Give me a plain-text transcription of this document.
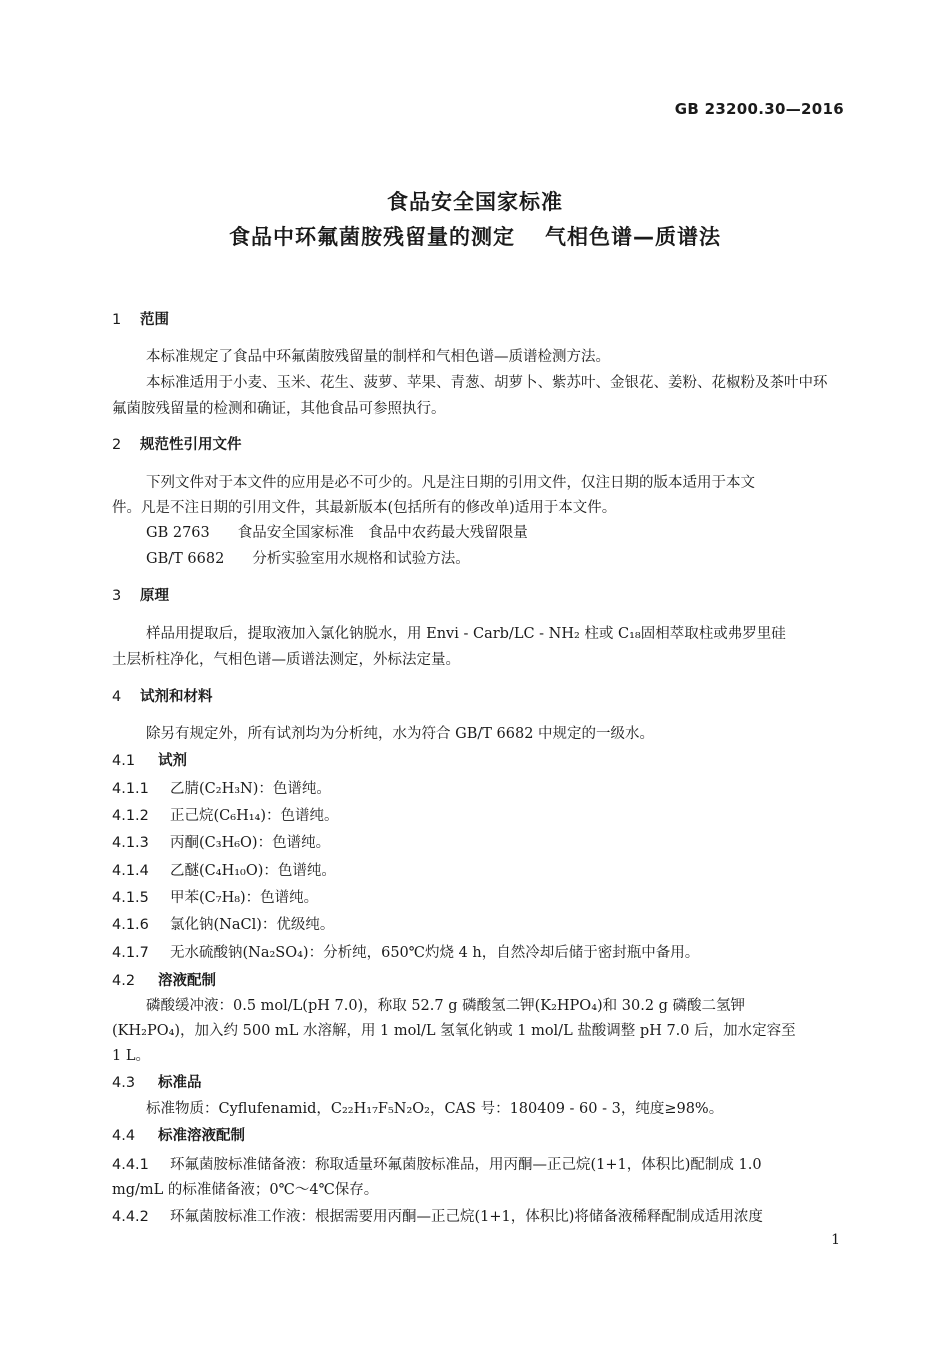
GB 23200.30—2016
食品安全国家标准
食品中环氟菌胺残留量的测定 气相色谱—质谱法
1 范围
本标准规定了食品中环氟菌胺残留量的制样和气相色谱—质谱检测方法。
本标准适用于小麦、玉米、花生、菠萝、苹果、青葱、胡萝卜、紫苏叶、金银花、姜粉、花椒粉及茶叶中环
氟菌胺残留量的检测和确证，其他食品可参照执行。
2 规范性引用文件
下列文件对于本文件的应用是必不可少的。凡是注日期的引用文件，仅注日期的版本适用于本文
件。凡是不注日期的引用文件，其最新版本(包括所有的修改单)适用于本文件。
GB 2763 食品安全国家标准　食品中农药最大残留限量
GB/T 6682 分析实验室用水规格和试验方法。
3 原理
样品用提取后，提取液加入氯化钠脱水，用 Envi - Carb/LC - NH₂ 柱或 C₁₈固相萃取柱或弗罗里硅
土层析柱净化，气相色谱—质谱法测定，外标法定量。
4 试剂和材料
除另有规定外，所有试剂均为分析纯，水为符合 GB/T 6682 中规定的一级水。
4.1 试剂
4.1.1 乙腈(C₂H₃N)：色谱纯。
4.1.2 正己烷(C₆H₁₄)：色谱纯。
4.1.3 丙酮(C₃H₆O)：色谱纯。
4.1.4 乙醚(C₄H₁₀O)：色谱纯。
4.1.5 甲苯(C₇H₈)：色谱纯。
4.1.6 氯化钠(NaCl)：优级纯。
4.1.7 无水硫酸钠(Na₂SO₄)：分析纯，650℃灼烧 4 h，自然冷却后储于密封瓶中备用。
4.2 溶液配制
磷酸缓冲液：0.5 mol/L(pH 7.0)，称取 52.7 g 磷酸氢二钾(K₂HPO₄)和 30.2 g 磷酸二氢钾
(KH₂PO₄)，加入约 500 mL 水溶解，用 1 mol/L 氢氧化钠或 1 mol/L 盐酸调整 pH 7.0 后，加水定容至
1 L。
4.3 标准品
标准物质：Cyflufenamid，C₂₂H₁₇F₅N₂O₂，CAS 号：180409 - 60 - 3，纯度≥98%。
4.4 标准溶液配制
4.4.1 环氟菌胺标准储备液：称取适量环氟菌胺标准品，用丙酮—正己烷(1+1，体积比)配制成 1.0
mg/mL 的标准储备液；0℃～4℃保存。
4.4.2 环氟菌胺标准工作液：根据需要用丙酮—正己烷(1+1，体积比)将储备液稀释配制成适用浓度
1
